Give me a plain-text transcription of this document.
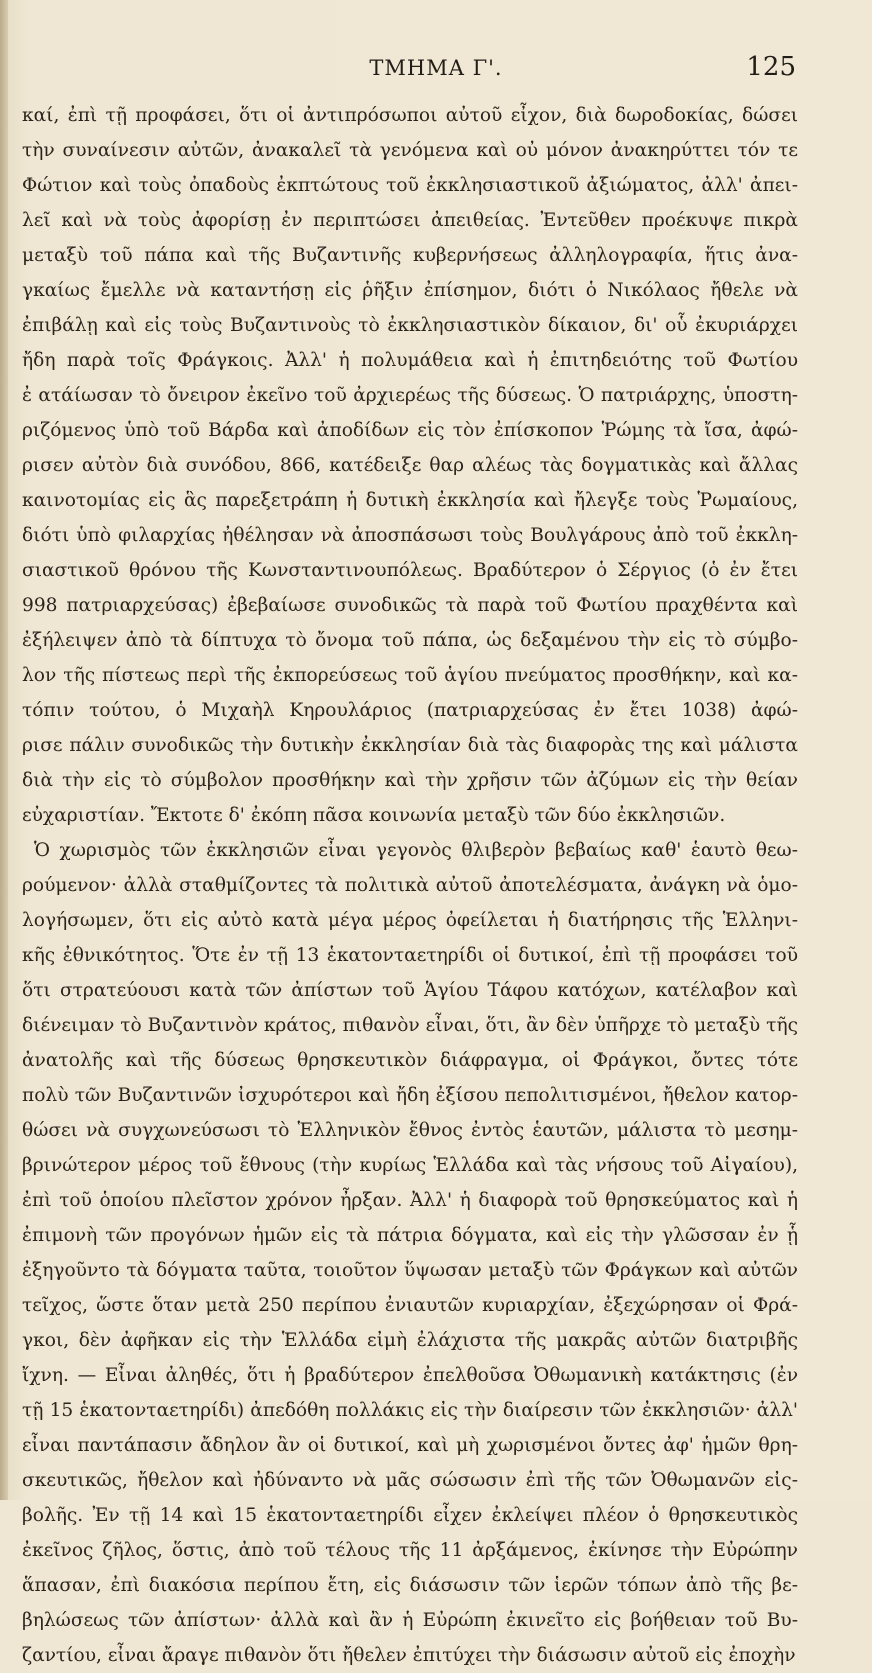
ΤΜΗΜΑ Γ'.	125
καί, ἐπὶ τῇ προφάσει, ὅτι οἱ ἀντιπρόσωποι αὐτοῦ εἶχον, διὰ δωροδοκίας, δώσει
τὴν συναίνεσιν αὐτῶν, ἀνακαλεῖ τὰ γενόμενα καὶ οὐ μόνον ἀνακηρύττει τόν τε
Φώτιον καὶ τοὺς ὀπαδοὺς ἐκπτώτους τοῦ ἐκκλησιαστικοῦ ἀξιώματος, ἀλλ' ἀπει-
λεῖ καὶ νὰ τοὺς ἀφορίσῃ ἐν περιπτώσει ἀπειθείας. Ἐντεῦθεν προέκυψε πικρὰ
μεταξὺ τοῦ πάπα καὶ τῆς Βυζαντινῆς κυβερνήσεως ἀλληλογραφία, ἥτις ἀνα-
γκαίως ἔμελλε νὰ καταντήσῃ εἰς ῥῆξιν ἐπίσημον, διότι ὁ Νικόλαος ἤθελε νὰ
ἐπιβάλῃ καὶ εἰς τοὺς Βυζαντινοὺς τὸ ἐκκλησιαστικὸν δίκαιον, δι' οὗ ἐκυριάρχει
ἤδη παρὰ τοῖς Φράγκοις. Ἀλλ' ἡ πολυμάθεια καὶ ἡ ἐπιτηδειότης τοῦ Φωτίου
ἐ ατάίωσαν τὸ ὄνειρον ἐκεῖνο τοῦ ἀρχιερέως τῆς δύσεως. Ὁ πατριάρχης, ὑποστη-
ριζόμενος ὑπὸ τοῦ Βάρδα καὶ ἀποδίδων εἰς τὸν ἐπίσκοπον Ῥώμης τὰ ἴσα, ἀφώ-
ρισεν αὐτὸν διὰ συνόδου, 866, κατέδειξε θαρ αλέως τὰς δογματικὰς καὶ ἄλλας
καινοτομίας εἰς ἃς παρεξετράπη ἡ δυτικὴ ἐκκλησία καὶ ἤλεγξε τοὺς Ῥωμαίους,
διότι ὑπὸ φιλαρχίας ἠθέλησαν νὰ ἀποσπάσωσι τοὺς Βουλγάρους ἀπὸ τοῦ ἐκκλη-
σιαστικοῦ θρόνου τῆς Κωνσταντινουπόλεως. Βραδύτερον ὁ Σέργιος (ὁ ἐν ἔτει
998 πατριαρχεύσας) ἐβεβαίωσε συνοδικῶς τὰ παρὰ τοῦ Φωτίου πραχθέντα καὶ
ἐξήλειψεν ἀπὸ τὰ δίπτυχα τὸ ὄνομα τοῦ πάπα, ὡς δεξαμένου τὴν εἰς τὸ σύμβο-
λον τῆς πίστεως περὶ τῆς ἐκπορεύσεως τοῦ ἁγίου πνεύματος προσθήκην, καὶ κα-
τόπιν τούτου, ὁ Μιχαὴλ Κηρουλάριος (πατριαρχεύσας ἐν ἔτει 1038) ἀφώ-
ρισε πάλιν συνοδικῶς τὴν δυτικὴν ἐκκλησίαν διὰ τὰς διαφορὰς της καὶ μάλιστα
διὰ τὴν εἰς τὸ σύμβολον προσθήκην καὶ τὴν χρῆσιν τῶν ἀζύμων εἰς τὴν θείαν
εὐχαριστίαν. Ἔκτοτε δ' ἐκόπη πᾶσα κοινωνία μεταξὺ τῶν δύο ἐκκλησιῶν.
Ὁ χωρισμὸς τῶν ἐκκλησιῶν εἶναι γεγονὸς θλιβερὸν βεβαίως καθ' ἑαυτὸ θεω-
ρούμενον· ἀλλὰ σταθμίζοντες τὰ πολιτικὰ αὐτοῦ ἀποτελέσματα, ἀνάγκη νὰ ὁμο-
λογήσωμεν, ὅτι εἰς αὐτὸ κατὰ μέγα μέρος ὀφείλεται ἡ διατήρησις τῆς Ἑλληνι-
κῆς ἐθνικότητος. Ὅτε ἐν τῇ 13 ἑκατονταετηρίδι οἱ δυτικοί, ἐπὶ τῇ προφάσει τοῦ
ὅτι στρατεύουσι κατὰ τῶν ἀπίστων τοῦ Ἁγίου Τάφου κατόχων, κατέλαβον καὶ
διένειμαν τὸ Βυζαντινὸν κράτος, πιθανὸν εἶναι, ὅτι, ἂν δὲν ὑπῆρχε τὸ μεταξὺ τῆς
ἀνατολῆς καὶ τῆς δύσεως θρησκευτικὸν διάφραγμα, οἱ Φράγκοι, ὄντες τότε
πολὺ τῶν Βυζαντινῶν ἰσχυρότεροι καὶ ἤδη ἐξίσου πεπολιτισμένοι, ἤθελον κατορ-
θώσει νὰ συγχωνεύσωσι τὸ Ἑλληνικὸν ἔθνος ἐντὸς ἑαυτῶν, μάλιστα τὸ μεσημ-
βρινώτερον μέρος τοῦ ἔθνους (τὴν κυρίως Ἑλλάδα καὶ τὰς νήσους τοῦ Αἰγαίου),
ἐπὶ τοῦ ὁποίου πλεῖστον χρόνον ἦρξαν. Ἀλλ' ἡ διαφορὰ τοῦ θρησκεύματος καὶ ἡ
ἐπιμονὴ τῶν προγόνων ἡμῶν εἰς τὰ πάτρια δόγματα, καὶ εἰς τὴν γλῶσσαν ἐν ᾗ
ἐξηγοῦντο τὰ δόγματα ταῦτα, τοιοῦτον ὕψωσαν μεταξὺ τῶν Φράγκων καὶ αὐτῶν
τεῖχος, ὥστε ὅταν μετὰ 250 περίπου ἐνιαυτῶν κυριαρχίαν, ἐξεχώρησαν οἱ Φρά-
γκοι, δὲν ἀφῆκαν εἰς τὴν Ἑλλάδα εἰμὴ ἐλάχιστα τῆς μακρᾶς αὐτῶν διατριβῆς
ἴχνη. — Εἶναι ἀληθές, ὅτι ἡ βραδύτερον ἐπελθοῦσα Ὀθωμανικὴ κατάκτησις (ἐν
τῇ 15 ἑκατονταετηρίδι) ἀπεδόθη πολλάκις εἰς τὴν διαίρεσιν τῶν ἐκκλησιῶν· ἀλλ'
εἶναι παντάπασιν ἄδηλον ἂν οἱ δυτικοί, καὶ μὴ χωρισμένοι ὄντες ἀφ' ἡμῶν θρη-
σκευτικῶς, ἤθελον καὶ ἠδύναντο νὰ μᾶς σώσωσιν ἐπὶ τῆς τῶν Ὀθωμανῶν εἰς-
βολῆς. Ἐν τῇ 14 καὶ 15 ἑκατονταετηρίδι εἶχεν ἐκλείψει πλέον ὁ θρησκευτικὸς
ἐκεῖνος ζῆλος, ὅστις, ἀπὸ τοῦ τέλους τῆς 11 ἀρξάμενος, ἐκίνησε τὴν Εὐρώπην
ἅπασαν, ἐπὶ διακόσια περίπου ἔτη, εἰς διάσωσιν τῶν ἱερῶν τόπων ἀπὸ τῆς βε-
βηλώσεως τῶν ἀπίστων· ἀλλὰ καὶ ἂν ἡ Εὐρώπη ἐκινεῖτο εἰς βοήθειαν τοῦ Βυ-
ζαντίου, εἶναι ἄραγε πιθανὸν ὅτι ἤθελεν ἐπιτύχει τὴν διάσωσιν αὐτοῦ εἰς ἐποχὴν
